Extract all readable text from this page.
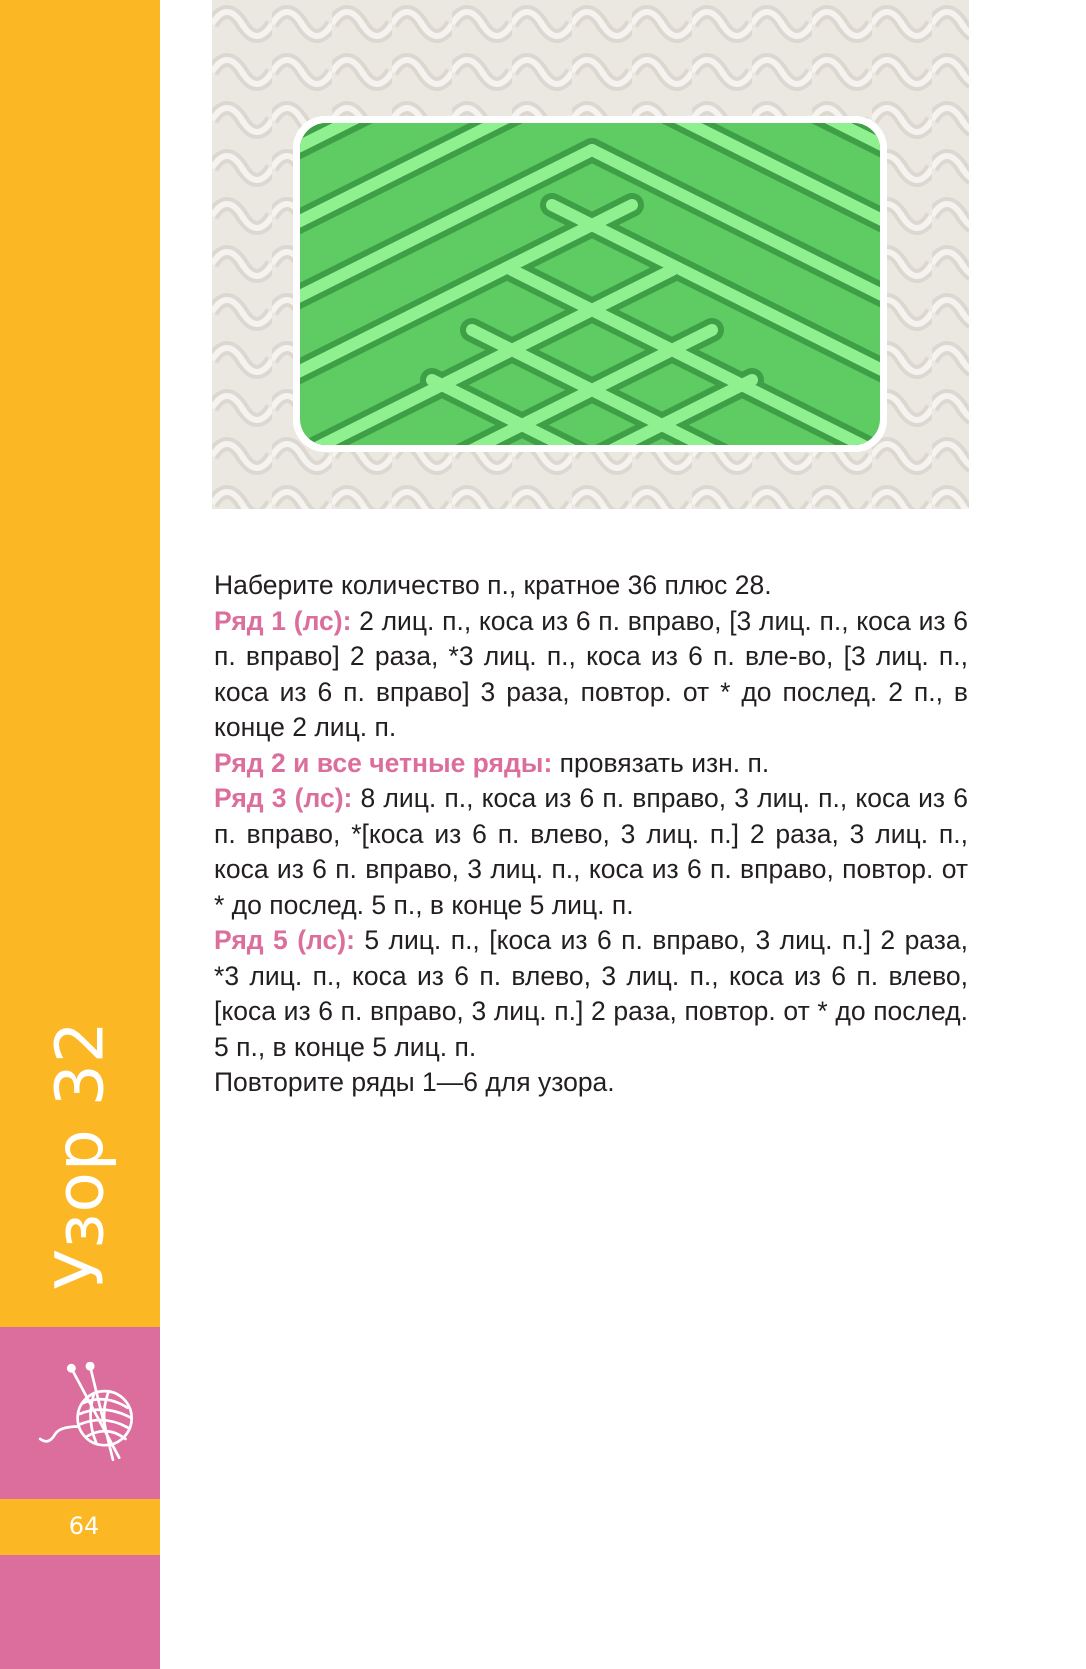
Узор 32
64

Наберите количество п., кратное 36 плюс 28.

Ряд 1 (лс): 2 лиц. п., коса из 6 п. вправо, [3 лиц. п., коса из 6 п. вправо] 2 раза, *3 лиц. п., коса из 6 п. вле-во, [3 лиц. п., коса из 6 п. вправо] 3 раза, повтор. от * до послед. 2 п., в конце 2 лиц. п.

Ряд 2 и все четные ряды: провязать изн. п.

Ряд 3 (лс): 8 лиц. п., коса из 6 п. вправо, 3 лиц. п., коса из 6 п. вправо, *[коса из 6 п. влево, 3 лиц. п.] 2 раза, 3 лиц. п., коса из 6 п. вправо, 3 лиц. п., коса из 6 п. вправо, повтор. от * до послед. 5 п., в конце 5 лиц. п.

Ряд 5 (лс): 5 лиц. п., [коса из 6 п. вправо, 3 лиц. п.] 2 раза, *3 лиц. п., коса из 6 п. влево, 3 лиц. п., коса из 6 п. влево, [коса из 6 п. вправо, 3 лиц. п.] 2 раза, повтор. от * до послед. 5 п., в конце 5 лиц. п.

Повторите ряды 1—6 для узора.
